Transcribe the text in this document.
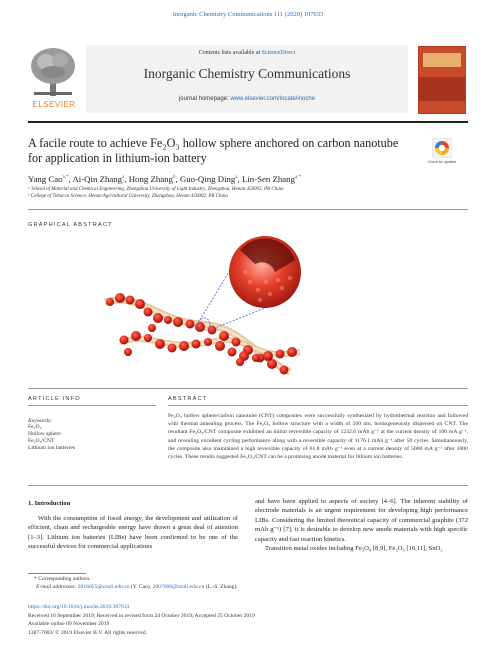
Inorganic Chemistry Communications 111 (2020) 107633
Contents lists available at ScienceDirect
Inorganic Chemistry Communications
journal homepage: www.elsevier.com/locate/inoche
ELSEVIER
A facile route to achieve Fe₂O₃ hollow sphere anchored on carbon nanotube
for application in lithium-ion battery	Check for updates
Yang Cao$^{a,*}$, Ai-Qin Zhang$^a$, Hong Zhang$^b$, Guo-Qing Ding$^a$, Lin-Sen Zhang$^{a,*}$
ᵃ School of Material and Chemical Engineering, Zhengzhou University of Light Industry, Zhengzhou, Henan 450002, PR China
ᵇ College of Tobacco Science, Henan Agricultural University, Zhengzhou, Henan 450002, PR China
GRAPHICAL ABSTRACT
ARTICLE INFO	ABSTRACT
Keywords:
Fe₂O₃
Hollow sphere
Fe₂O₃/CNT
Lithium ion batteries
Fe₂O₃ hollow sphere/carbon nanotube (CNT) composites were successfully synthesized by hydrothermal reaction and followed with thermal annealing process. The Fe₂O₃ hollow structure with a width of 500 nm, homogeneously dispersed on CNT. The resultant Fe₂O₃/CNT composite exhibited an initial reversible capacity of 1232.6 mAh g⁻¹ at the current density of 100 mA g⁻¹, and revealing excellent cycling performance along with a reversible capacity of 1176.1 mAh g⁻¹ after 50 cycles. Simultaneously, the composite also maintained a high reversible capacity of 61.8 mAh g⁻¹ even at a current density of 5000 mA g⁻¹ after 1000 cycles. These results suggested Fe₂O₃/CNT can be a promising anode material for lithium ion batteries.
1. Introduction
With the consumption of fossil energy, the development and utilization of efficient, clean and rechargeable energy have drawn a great deal of attention [1–3]. Lithium ion batteries (LIBs) have been confirmed to be one of the successful devices for commercial applications
and have been applied to aspects of society [4–6]. The inherent stability of electrode materials is an urgent requirement for developing high performance LIBs. Considering the limited theoretical capacity of commercial graphite (372 mAh g⁻¹) [7], it is desirable to develop new anode materials with high specific capacity and fast reaction kinetics.
Transition metal oxides including Fe₃O₄ [8,9], Fe₂O₃ [10,11], SnO₂
* Corresponding authors.
E-mail addresses: 2016055@zzuli.edu.cn (Y. Cao), 2007006@zzuli.edu.cn (L.-S. Zhang).
https://doi.org/10.1016/j.inoche.2019.107633
Received 16 September 2019; Received in revised form 24 October 2019; Accepted 25 October 2019
Available online 09 November 2019
1387-7003/ © 2019 Elsevier B.V. All rights reserved.
